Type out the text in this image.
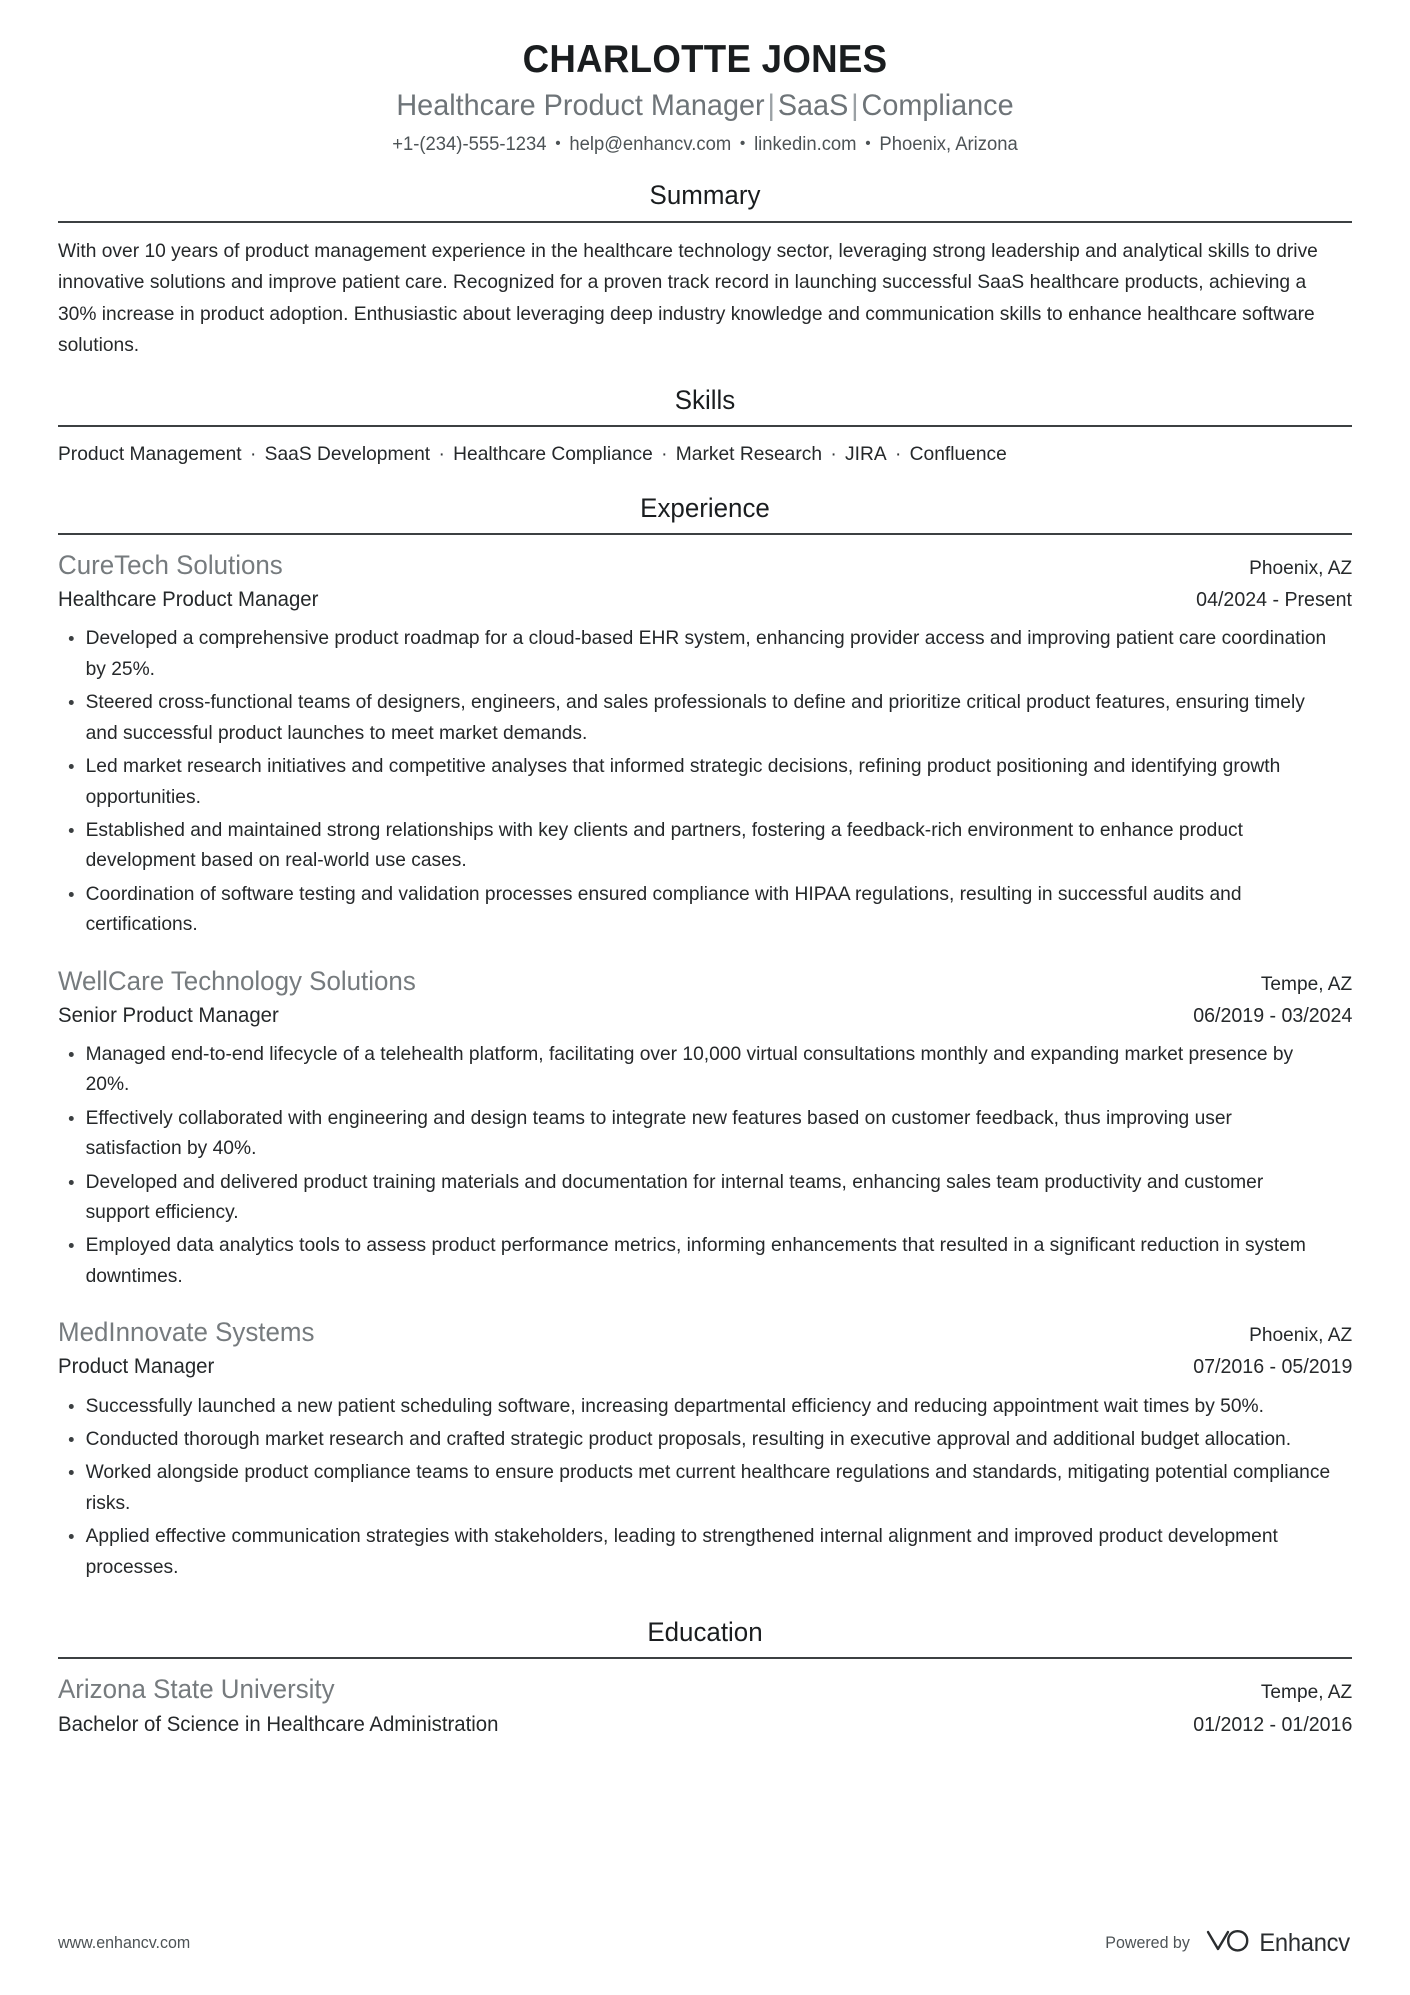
CHARLOTTE JONES
Healthcare Product Manager|SaaS|Compliance
+1-(234)-555-1234 • help@enhancv.com • linkedin.com • Phoenix, Arizona
Summary

With over 10 years of product management experience in the healthcare technology sector, leveraging strong leadership and analytical skills to drive innovative solutions and improve patient care. Recognized for a proven track record in launching successful SaaS healthcare products, achieving a 30% increase in product adoption. Enthusiastic about leveraging deep industry knowledge and communication skills to enhance healthcare software solutions.

Skills
Product Management · SaaS Development · Healthcare Compliance · Market Research · JIRA · Confluence
Experience
CureTech Solutions	Phoenix, AZ
Healthcare Product Manager	04/2024 - Present
Developed a comprehensive product roadmap for a cloud-based EHR system, enhancing provider access and improving patient care coordination by 25%.
Steered cross-functional teams of designers, engineers, and sales professionals to define and prioritize critical product features, ensuring timely and successful product launches to meet market demands.
Led market research initiatives and competitive analyses that informed strategic decisions, refining product positioning and identifying growth opportunities.
Established and maintained strong relationships with key clients and partners, fostering a feedback-rich environment to enhance product development based on real-world use cases.
Coordination of software testing and validation processes ensured compliance with HIPAA regulations, resulting in successful audits and certifications.
WellCare Technology Solutions	Tempe, AZ
Senior Product Manager	06/2019 - 03/2024
Managed end-to-end lifecycle of a telehealth platform, facilitating over 10,000 virtual consultations monthly and expanding market presence by 20%.
Effectively collaborated with engineering and design teams to integrate new features based on customer feedback, thus improving user satisfaction by 40%.
Developed and delivered product training materials and documentation for internal teams, enhancing sales team productivity and customer support efficiency.
Employed data analytics tools to assess product performance metrics, informing enhancements that resulted in a significant reduction in system downtimes.
MedInnovate Systems	Phoenix, AZ
Product Manager	07/2016 - 05/2019
Successfully launched a new patient scheduling software, increasing departmental efficiency and reducing appointment wait times by 50%.
Conducted thorough market research and crafted strategic product proposals, resulting in executive approval and additional budget allocation.
Worked alongside product compliance teams to ensure products met current healthcare regulations and standards, mitigating potential compliance risks.
Applied effective communication strategies with stakeholders, leading to strengthened internal alignment and improved product development processes.
Education
Arizona State University	Tempe, AZ
Bachelor of Science in Healthcare Administration	01/2012 - 01/2016
www.enhancv.com	Powered by	Enhancv
